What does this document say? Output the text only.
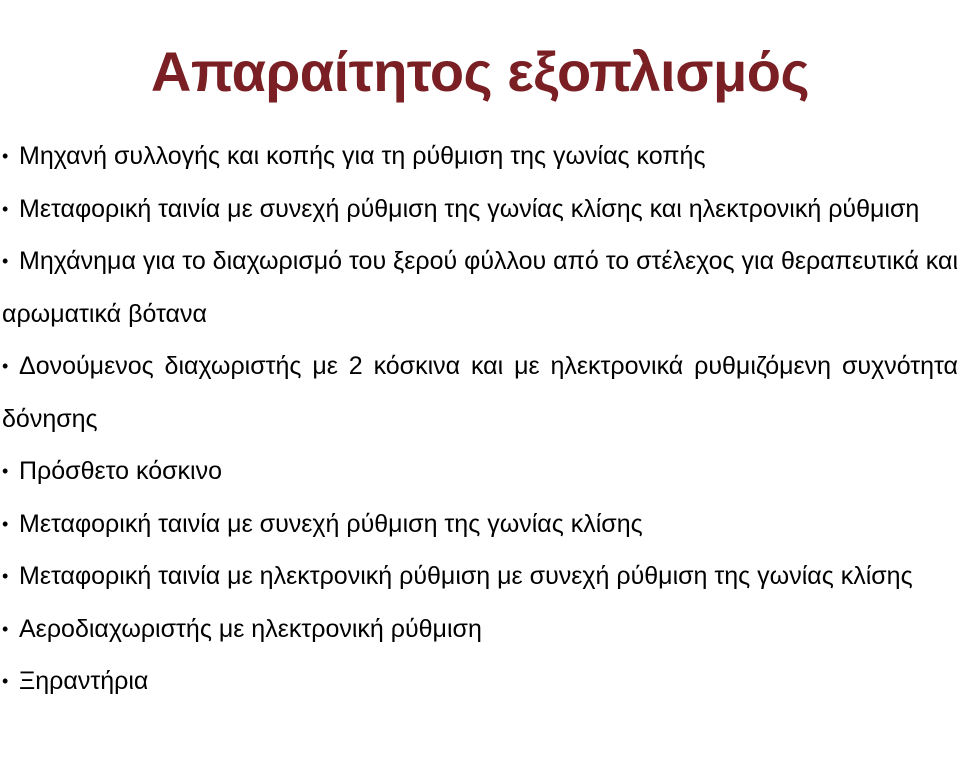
Απαραίτητος εξοπλισμός
• Μηχανή συλλογής και κοπής για τη ρύθμιση της γωνίας κοπής
• Μεταφορική ταινία με συνεχή ρύθμιση της γωνίας κλίσης και ηλεκτρονική ρύθμιση
• Μηχάνημα για το διαχωρισμό του ξερού φύλλου από το στέλεχος για θεραπευτικά και αρωματικά βότανα
• Δονούμενος διαχωριστής με 2 κόσκινα και με ηλεκτρονικά ρυθμιζόμενη συχνότητα δόνησης
• Πρόσθετο κόσκινο
• Μεταφορική ταινία με συνεχή ρύθμιση της γωνίας κλίσης
• Μεταφορική ταινία με ηλεκτρονική ρύθμιση με συνεχή ρύθμιση της γωνίας κλίσης
• Αεροδιαχωριστής με ηλεκτρονική ρύθμιση
• Ξηραντήρια
